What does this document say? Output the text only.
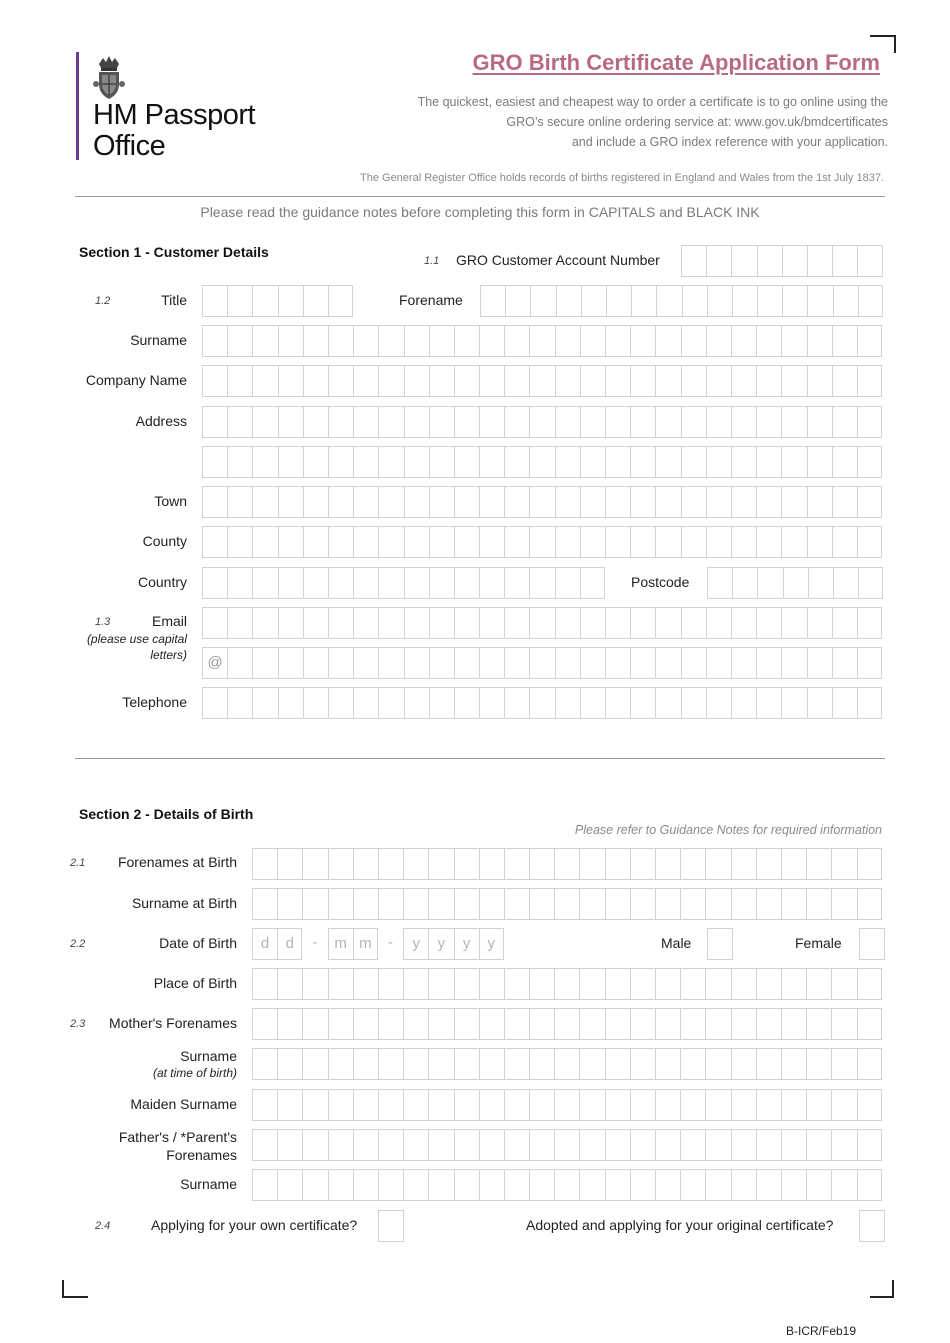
HM Passport
Office
GRO Birth Certificate Application Form
The quickest, easiest and cheapest way to order a certificate is to go online using the
GRO’s secure online ordering service at: www.gov.uk/bmdcertificates
and include a GRO index reference with your application.
The General Register Office holds records of births registered in England and Wales from the 1st July 1837.
Please read the guidance notes before completing this form in CAPITALS and BLACK INK
Section 1 - Customer Details
1.1 GRO Customer Account Number
1.2	Title	Forename
Surname
Company Name
Address
Town
County
Country	Postcode
1.3	Email
(please use capital letters)	@
Telephone
Section 2 - Details of Birth
Please refer to Guidance Notes for required information
2.1 Forenames at Birth
Surname at Birth
2.2	Date of Birth	d	d	-	m m	-	y	y	y	y	Male	Female
Place of Birth
2.3 Mother's Forenames
Surname
(at time of birth)
Maiden Surname
Father's / *Parent's
Forenames
Surname
2.4	Applying for your own certificate?	Adopted and applying for your original certificate?
B-ICR/Feb19
